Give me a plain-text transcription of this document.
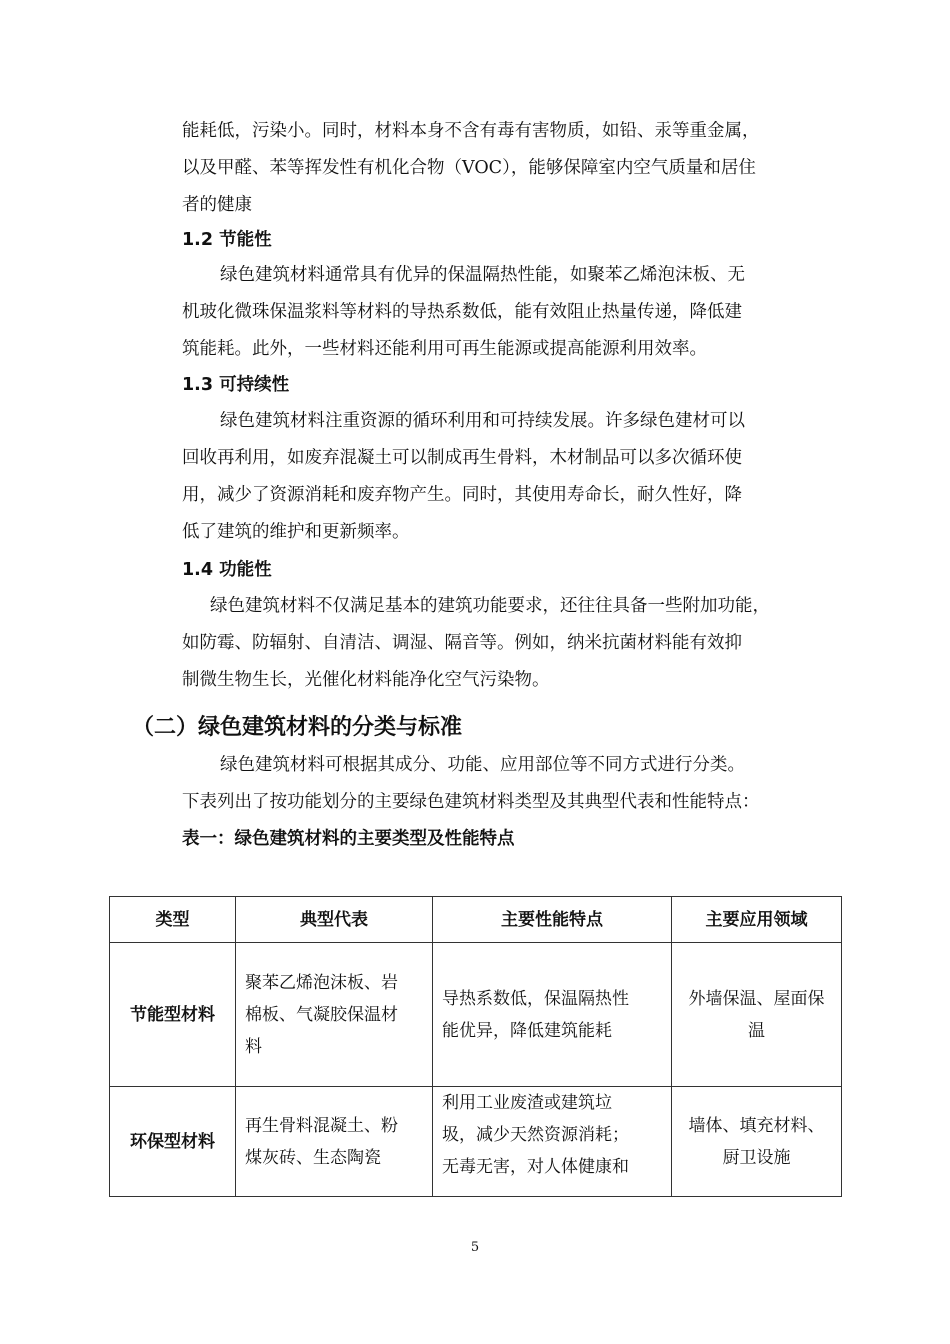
能耗低，污染小。同时，材料本身不含有毒有害物质，如铅、汞等重金属，
以及甲醛、苯等挥发性有机化合物（VOC），能够保障室内空气质量和居住
者的健康
1.2 节能性
绿色建筑材料通常具有优异的保温隔热性能，如聚苯乙烯泡沫板、无
机玻化微珠保温浆料等材料的导热系数低，能有效阻止热量传递，降低建
筑能耗。此外，一些材料还能利用可再生能源或提高能源利用效率。
1.3 可持续性
绿色建筑材料注重资源的循环利用和可持续发展。许多绿色建材可以
回收再利用，如废弃混凝土可以制成再生骨料，木材制品可以多次循环使
用，减少了资源消耗和废弃物产生。同时，其使用寿命长，耐久性好，降
低了建筑的维护和更新频率。
1.4 功能性
绿色建筑材料不仅满足基本的建筑功能要求，还往往具备一些附加功能，
如防霉、防辐射、自清洁、调湿、隔音等。例如，纳米抗菌材料能有效抑
制微生物生长，光催化材料能净化空气污染物。
（二）绿色建筑材料的分类与标准
绿色建筑材料可根据其成分、功能、应用部位等不同方式进行分类。
下表列出了按功能划分的主要绿色建筑材料类型及其典型代表和性能特点：
表一：绿色建筑材料的主要类型及性能特点
类型	典型代表	主要性能特点	主要应用领域
节能型材料	聚苯乙烯泡沫板、岩
棉板、气凝胶保温材
料	导热系数低，保温隔热性
能优异，降低建筑能耗	外墙保温、屋面保
温

环保型材料	再生骨料混凝土、粉
煤灰砖、生态陶瓷	利用工业废渣或建筑垃
圾，减少天然资源消耗；
无毒无害，对人体健康和	墙体、填充材料、
厨卫设施
5
